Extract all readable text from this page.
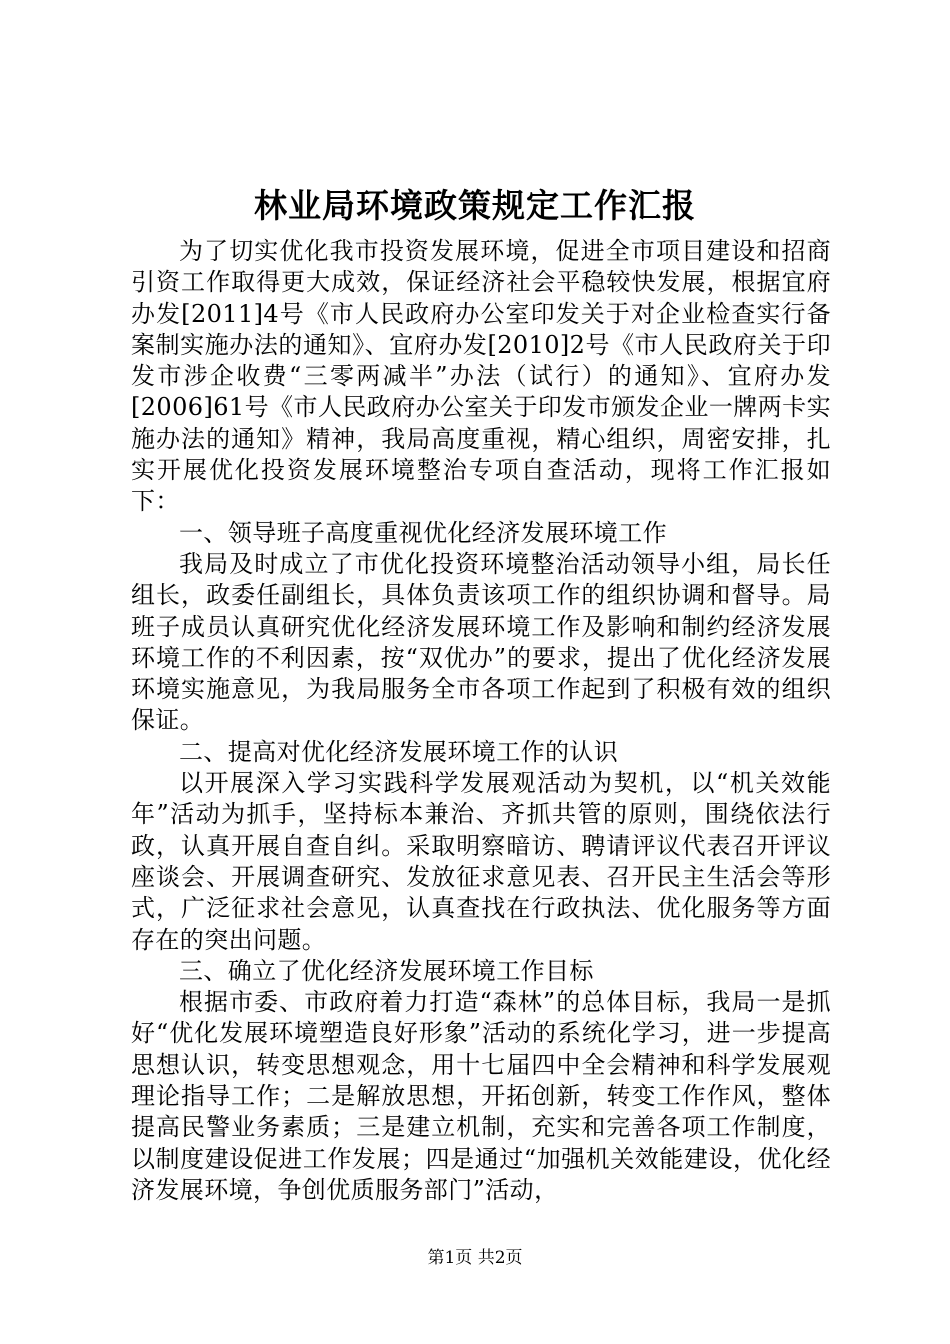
林业局环境政策规定工作汇报

为了切实优化我市投资发展环境，促进全市项目建设和招商引资工作取得更大成效，保证经济社会平稳较快发展，根据宜府办发[2011]4号《市人民政府办公室印发关于对企业检查实行备案制实施办法的通知》、宜府办发[2010]2号《市人民政府关于印发市涉企收费“三零两减半”办法（试行）的通知》、宜府办发[2006]61号《市人民政府办公室关于印发市颁发企业一牌两卡实施办法的通知》精神，我局高度重视，精心组织，周密安排，扎实开展优化投资发展环境整治专项自查活动，现将工作汇报如下：

一、领导班子高度重视优化经济发展环境工作

我局及时成立了市优化投资环境整治活动领导小组，局长任组长，政委任副组长，具体负责该项工作的组织协调和督导。局班子成员认真研究优化经济发展环境工作及影响和制约经济发展环境工作的不利因素，按“双优办”的要求，提出了优化经济发展环境实施意见，为我局服务全市各项工作起到了积极有效的组织保证。

二、提高对优化经济发展环境工作的认识

以开展深入学习实践科学发展观活动为契机，以“机关效能年”活动为抓手，坚持标本兼治、齐抓共管的原则，围绕依法行政，认真开展自查自纠。采取明察暗访、聘请评议代表召开评议座谈会、开展调查研究、发放征求意见表、召开民主生活会等形式，广泛征求社会意见，认真查找在行政执法、优化服务等方面存在的突出问题。

三、确立了优化经济发展环境工作目标

根据市委、市政府着力打造“森林”的总体目标，我局一是抓好“优化发展环境塑造良好形象”活动的系统化学习，进一步提高思想认识，转变思想观念，用十七届四中全会精神和科学发展观理论指导工作；二是解放思想，开拓创新，转变工作作风，整体提高民警业务素质；三是建立机制，充实和完善各项工作制度，以制度建设促进工作发展；四是通过“加强机关效能建设，优化经济发展环境，争创优质服务部门”活动，

第1页 共2页
